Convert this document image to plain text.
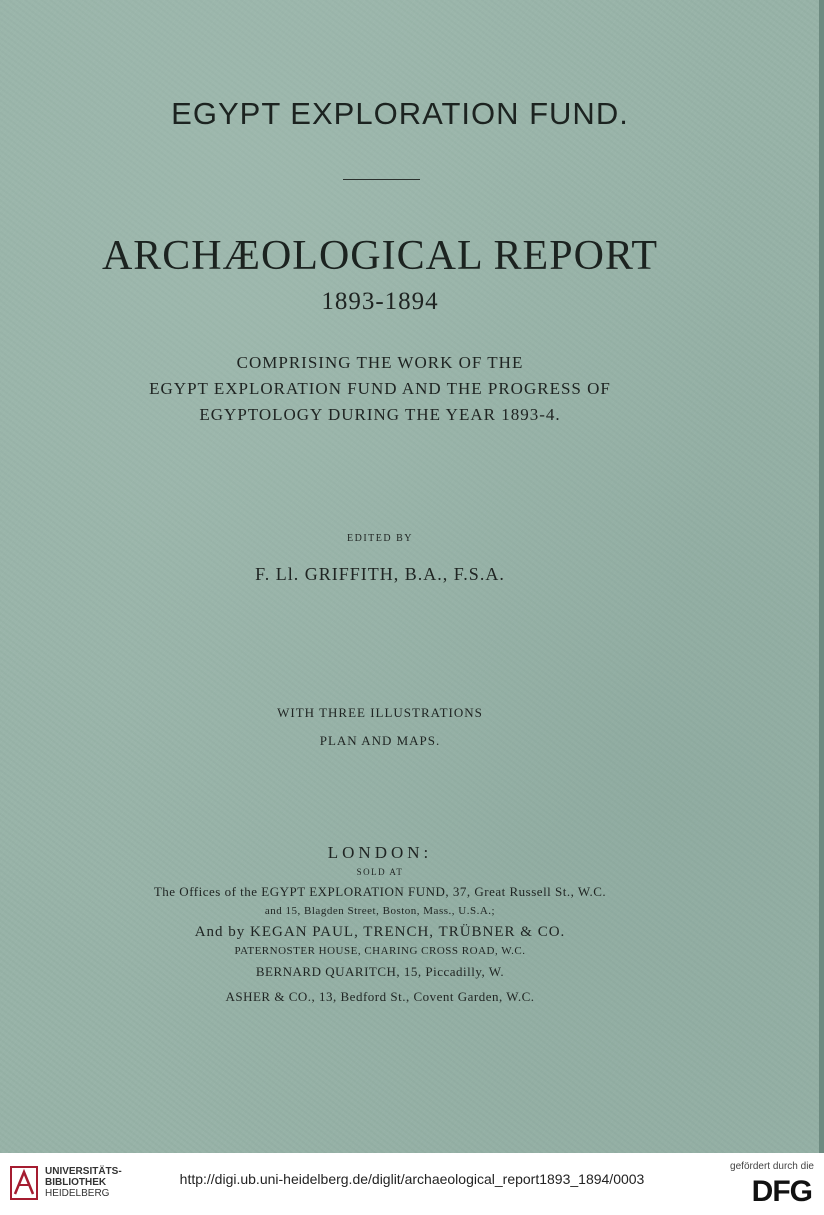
EGYPT EXPLORATION FUND.
ARCHÆOLOGICAL REPORT
1893-1894
COMPRISING THE WORK OF THE
EGYPT EXPLORATION FUND AND THE PROGRESS OF
EGYPTOLOGY DURING THE YEAR 1893-4.
EDITED BY
F. Ll. GRIFFITH, B.A., F.S.A.
WITH THREE ILLUSTRATIONS
PLAN AND MAPS.
LONDON:
SOLD AT
The Offices of the EGYPT EXPLORATION FUND, 37, Great Russell St., W.C.
and 15, Blagden Street, Boston, Mass., U.S.A.;
And by KEGAN PAUL, TRENCH, TRÜBNER & CO.
PATERNOSTER HOUSE, CHARING CROSS ROAD, W.C.
BERNARD QUARITCH, 15, Piccadilly, W.
ASHER & CO., 13, Bedford St., Covent Garden, W.C.
UNIVERSITÄTS-
BIBLIOTHEK
HEIDELBERG
http://digi.ub.uni-heidelberg.de/diglit/archaeological_report1893_1894/0003
gefördert durch die
DFG
